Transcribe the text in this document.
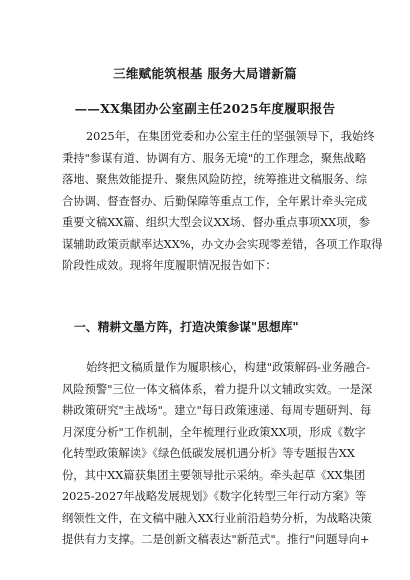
三维赋能筑根基 服务大局谱新篇
——XX集团办公室副主任2025年度履职报告
2025年，在集团党委和办公室主任的坚强领导下，我始终
秉持"参谋有道、协调有方、服务无境"的工作理念，聚焦战略
落地、聚焦效能提升、聚焦风险防控，统筹推进文稿服务、综
合协调、督查督办、后勤保障等重点工作，全年累计牵头完成
重要文稿XX篇、组织大型会议XX场、督办重点事项XX项，参
谋辅助政策贡献率达XX%，办文办会实现零差错，各项工作取得
阶段性成效。现将年度履职情况报告如下：
一、精耕文墨方阵，打造决策参谋"思想库"
始终把文稿质量作为履职核心，构建"政策解码-业务融合-
风险预警"三位一体文稿体系，着力提升以文辅政实效。一是深
耕政策研究"主战场"。建立"每日政策速递、每周专题研判、每
月深度分析"工作机制，全年梳理行业政策XX项，形成《数字
化转型政策解读》《绿色低碳发展机遇分析》等专题报告XX
份，其中XX篇获集团主要领导批示采纳。牵头起草《XX集团
2025-2027年战略发展规划》《数字化转型三年行动方案》等
纲领性文件，在文稿中融入XX行业前沿趋势分析，为战略决策
提供有力支撑。二是创新文稿表达"新范式"。推行"问题导向+
